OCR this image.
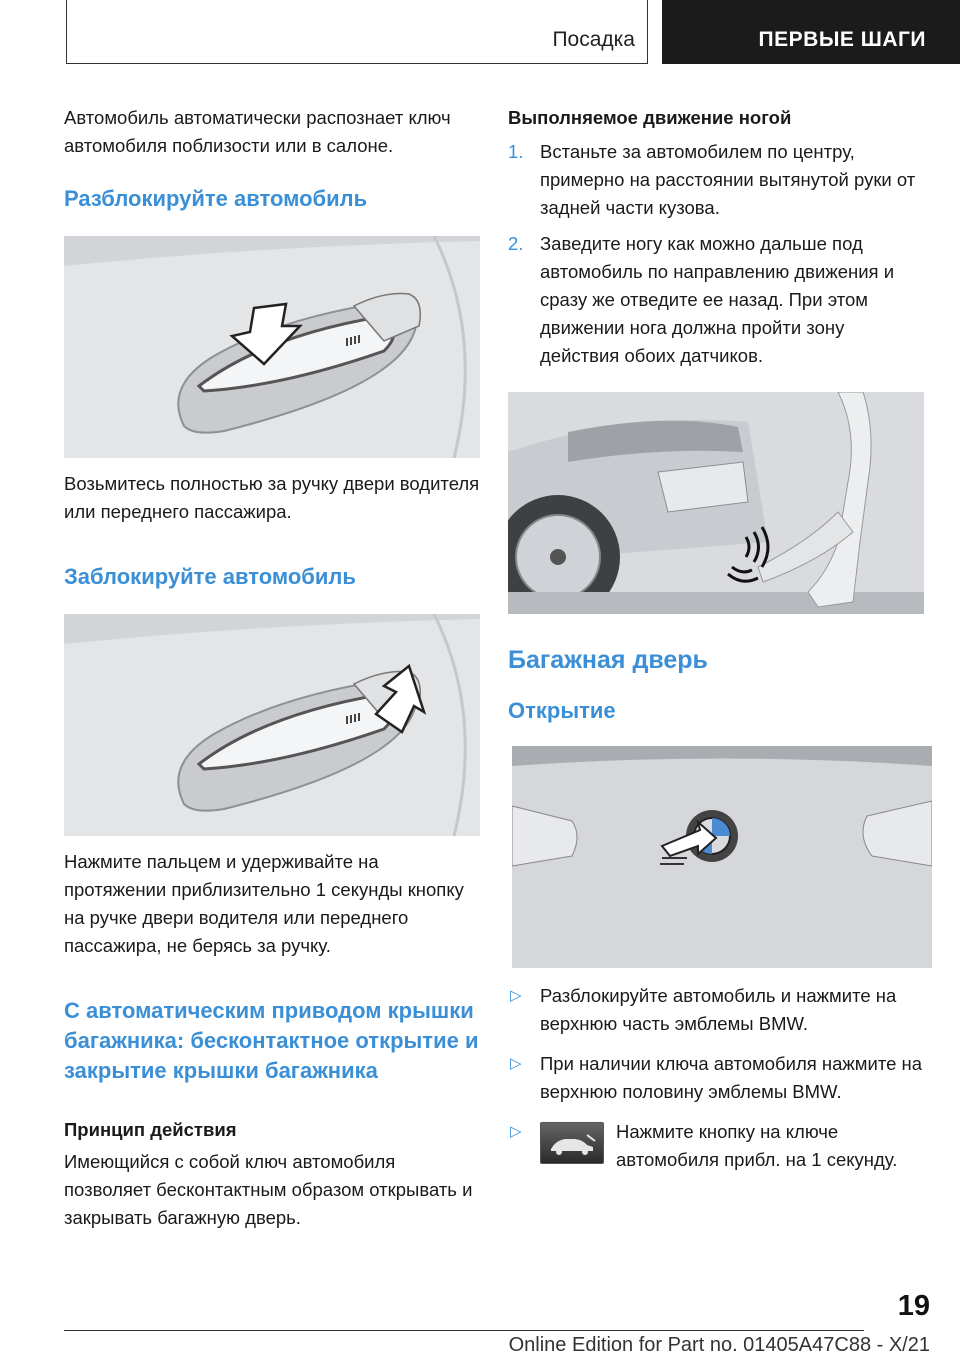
Посадка	ПЕРВЫЕ ШАГИ

Автомобиль автоматически распознает ключ автомобиля поблизости или в салоне.

Разблокируйте автомобиль

Возьмитесь полностью за ручку двери водителя или переднего пассажира.

Заблокируйте автомобиль

Нажмите пальцем и удерживайте на протяжении приблизительно 1 секунды кнопку на ручке двери водителя или переднего пассажира, не берясь за ручку.

С автоматическим приводом крышки багажника: бесконтактное открытие и закрытие крышки багажника
Принцип действия

Имеющийся с собой ключ автомобиля позволяет бесконтактным образом открывать и закрывать багажную дверь.

Выполняемое движение ногой
1. Встаньте за автомобилем по центру, примерно на расстоянии вытянутой руки от задней части кузова.
2. Заведите ногу как можно дальше под автомобиль по направлению движения и сразу же отведите ее назад. При этом движении нога должна пройти зону действия обоих датчиков.
Багажная дверь
Открытие
▷ Разблокируйте автомобиль и нажмите на верхнюю часть эмблемы BMW.
▷ При наличии ключа автомобиля нажмите на верхнюю половину эмблемы BMW.
▷	Нажмите кнопку на ключе автомобиля прибл. на 1 секунду.
19
Online Edition for Part no. 01405A47C88 - X/21
